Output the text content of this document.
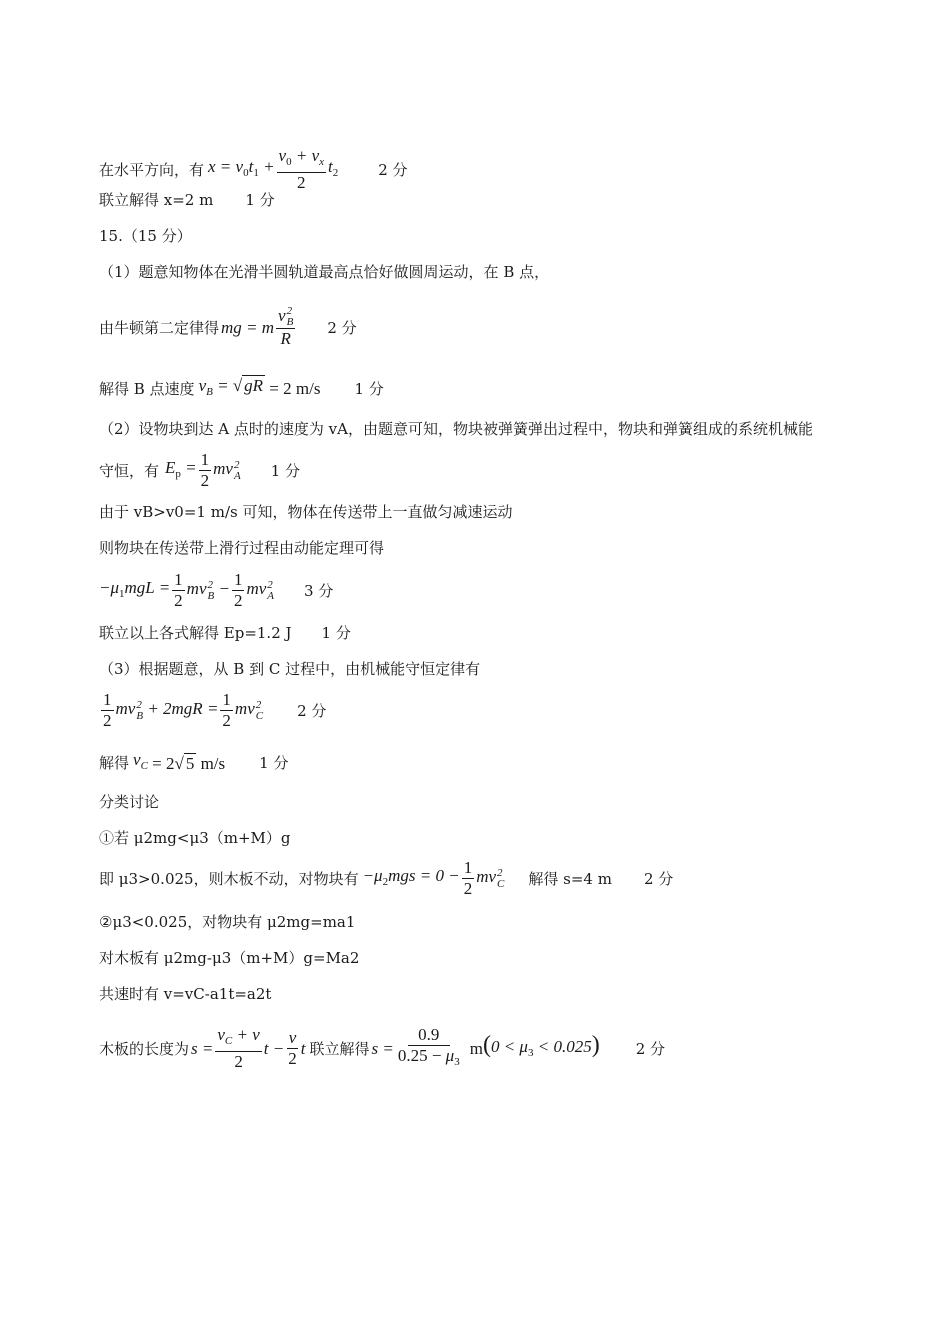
在水平方向，有 $x = v_0t_1 + \frac{v_0 + v_x}{2} t_2$	2 分
联立解得 x=2 m 1 分
15.（15 分）
（1）题意知物体在光滑半圆轨道最高点恰好做圆周运动，在 B 点，
由牛顿第二定律得 mg = m v 2
B
R 2 分
解得 B 点速度 $v_B$ = √ gR = 2 m/s 1 分
（2）设物块到达 A 点时的速度为 vA，由题意可知，物块被弹簧弹出过程中，物块和弹簧组成的系统机械能
守恒，有 $E_p = \frac{1}{2}$ mv 2
A 1 分
由于 vB>v0=1 m/s 可知，物体在传送带上一直做匀减速运动
则物块在传送带上滑行过程由动能定理可得
$-\mu_1mgL = \frac{1}{2}$ mv 2
$B - \frac{1}{2}$ mv 2
A 3 分
联立以上各式解得 Ep=1.2 J 1 分
（3）根据题意，从 B 到 C 过程中，由机械能守恒定律有
$\frac{1}{2}$ mv 2
$B + 2mgR = \frac{1}{2}$ mv 2
C 2 分
解得 $v_C = 2√$ 5 m/s 1 分
分类讨论
①若 μ2mg<μ3（m+M）g
即 μ3>0.025，则木板不动，对物块有 $-\mu_2mgs = 0 - \frac{1}{2}$ mv 2
C 解得 s=4 m 2 分
②μ3<0.025，对物块有 μ2mg=ma1
对木板有 μ2mg-μ3（m+M）g=Ma2
共速时有 v=vC-a1t=a2t
木板的长度为 $s = \frac{v_C + v}{2}$ $t - \frac{v}{2}$ t 联立解得 $s = \frac{0.9}{0.25 - \mu_3}$ m $(0 < \mu_3 < 0.025)$ 2 分
